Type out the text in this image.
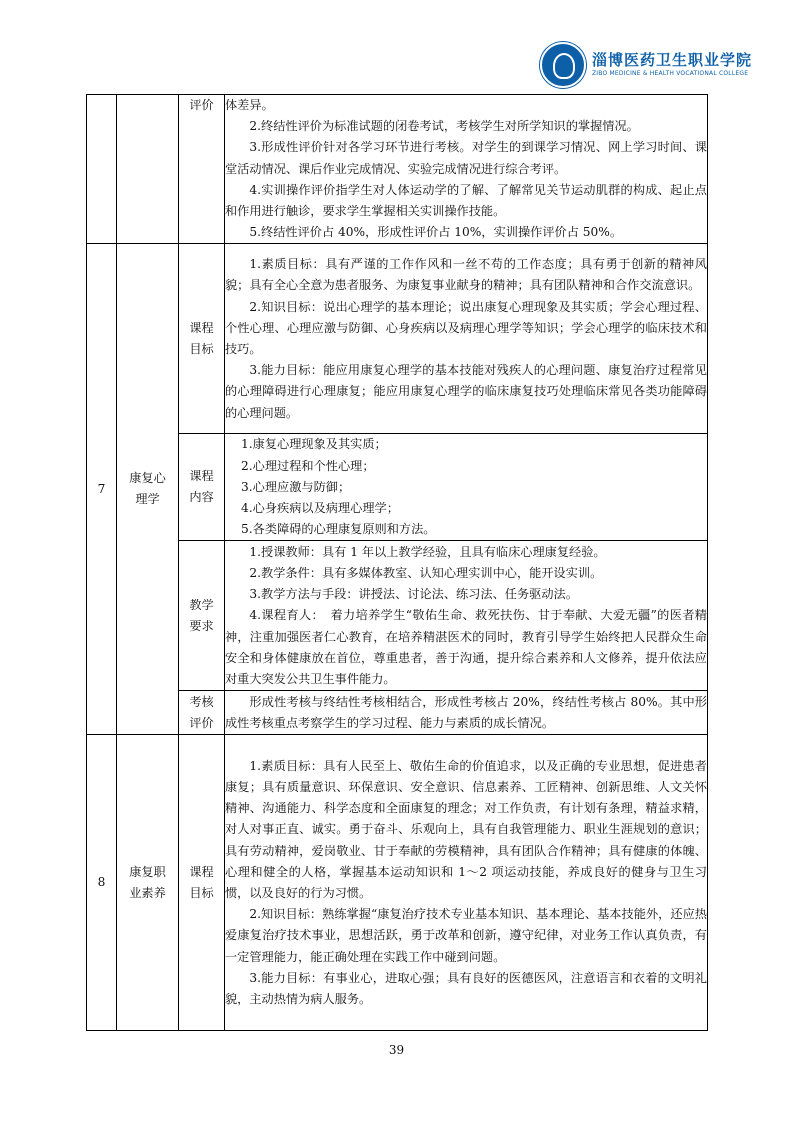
淄博医药卫生职业学院
ZIBO MEDICINE & HEALTH VOCATIONAL COLLEGE

		评价	体差异。
2.终结性评价为标准试题的闭卷考试，考核学生对所学知识的掌握情况。
3.形成性评价针对各学习环节进行考核。对学生的到课学习情况、网上学习时间、课堂活动情况、课后作业完成情况、实验完成情况进行综合考评。
4.实训操作评价指学生对人体运动学的了解、了解常见关节运动肌群的构成、起止点和作用进行触诊，要求学生掌握相关实训操作技能。
5.终结性评价占 40%，形成性评价占 10%，实训操作评价占 50%。

7	康复心理学	课程目标	1.素质目标：具有严谨的工作作风和一丝不苟的工作态度；具有勇于创新的精神风貌；具有全心全意为患者服务、为康复事业献身的精神；具有团队精神和合作交流意识。
2.知识目标：说出心理学的基本理论；说出康复心理现象及其实质；学会心理过程、个性心理、心理应激与防御、心身疾病以及病理心理学等知识；学会心理学的临床技术和技巧。
3.能力目标：能应用康复心理学的基本技能对残疾人的心理问题、康复治疗过程常见的心理障碍进行心理康复；能应用康复心理学的临床康复技巧处理临床常见各类功能障碍的心理问题。

		课程内容	1.康复心理现象及其实质；
2.心理过程和个性心理；
3.心理应激与防御；
4.心身疾病以及病理心理学；
5.各类障碍的心理康复原则和方法。

		教学要求	1.授课教师：具有 1 年以上教学经验，且具有临床心理康复经验。
2.教学条件：具有多媒体教室、认知心理实训中心，能开设实训。
3.教学方法与手段：讲授法、讨论法、练习法、任务驱动法。
4.课程育人：　着力培养学生“敬佑生命、救死扶伤、甘于奉献、大爱无疆”的医者精神，注重加强医者仁心教育，在培养精湛医术的同时，教育引导学生始终把人民群众生命安全和身体健康放在首位，尊重患者，善于沟通，提升综合素养和人文修养，提升依法应对重大突发公共卫生事件能力。

		考核评价	形成性考核与终结性考核相结合，形成性考核占 20%，终结性考核占 80%。其中形成性考核重点考察学生的学习过程、能力与素质的成长情况。

8	康复职业素养	课程目标	1.素质目标：具有人民至上、敬佑生命的价值追求，以及正确的专业思想，促进患者康复；具有质量意识、环保意识、安全意识、信息素养、工匠精神、创新思维、人文关怀精神、沟通能力、科学态度和全面康复的理念；对工作负责，有计划有条理，精益求精，对人对事正直、诚实。勇于奋斗、乐观向上，具有自我管理能力、职业生涯规划的意识；具有劳动精神，爱岗敬业、甘于奉献的劳模精神，具有团队合作精神；具有健康的体魄、心理和健全的人格，掌握基本运动知识和 1～2 项运动技能，养成良好的健身与卫生习惯，以及良好的行为习惯。
2.知识目标：熟练掌握“康复治疗技术专业基本知识、基本理论、基本技能外，还应热爱康复治疗技术事业，思想活跃，勇于改革和创新，遵守纪律，对业务工作认真负责，有一定管理能力，能正确处理在实践工作中碰到问题。
3.能力目标：有事业心，进取心强；具有良好的医德医风，注意语言和衣着的文明礼貌，主动热情为病人服务。
39
